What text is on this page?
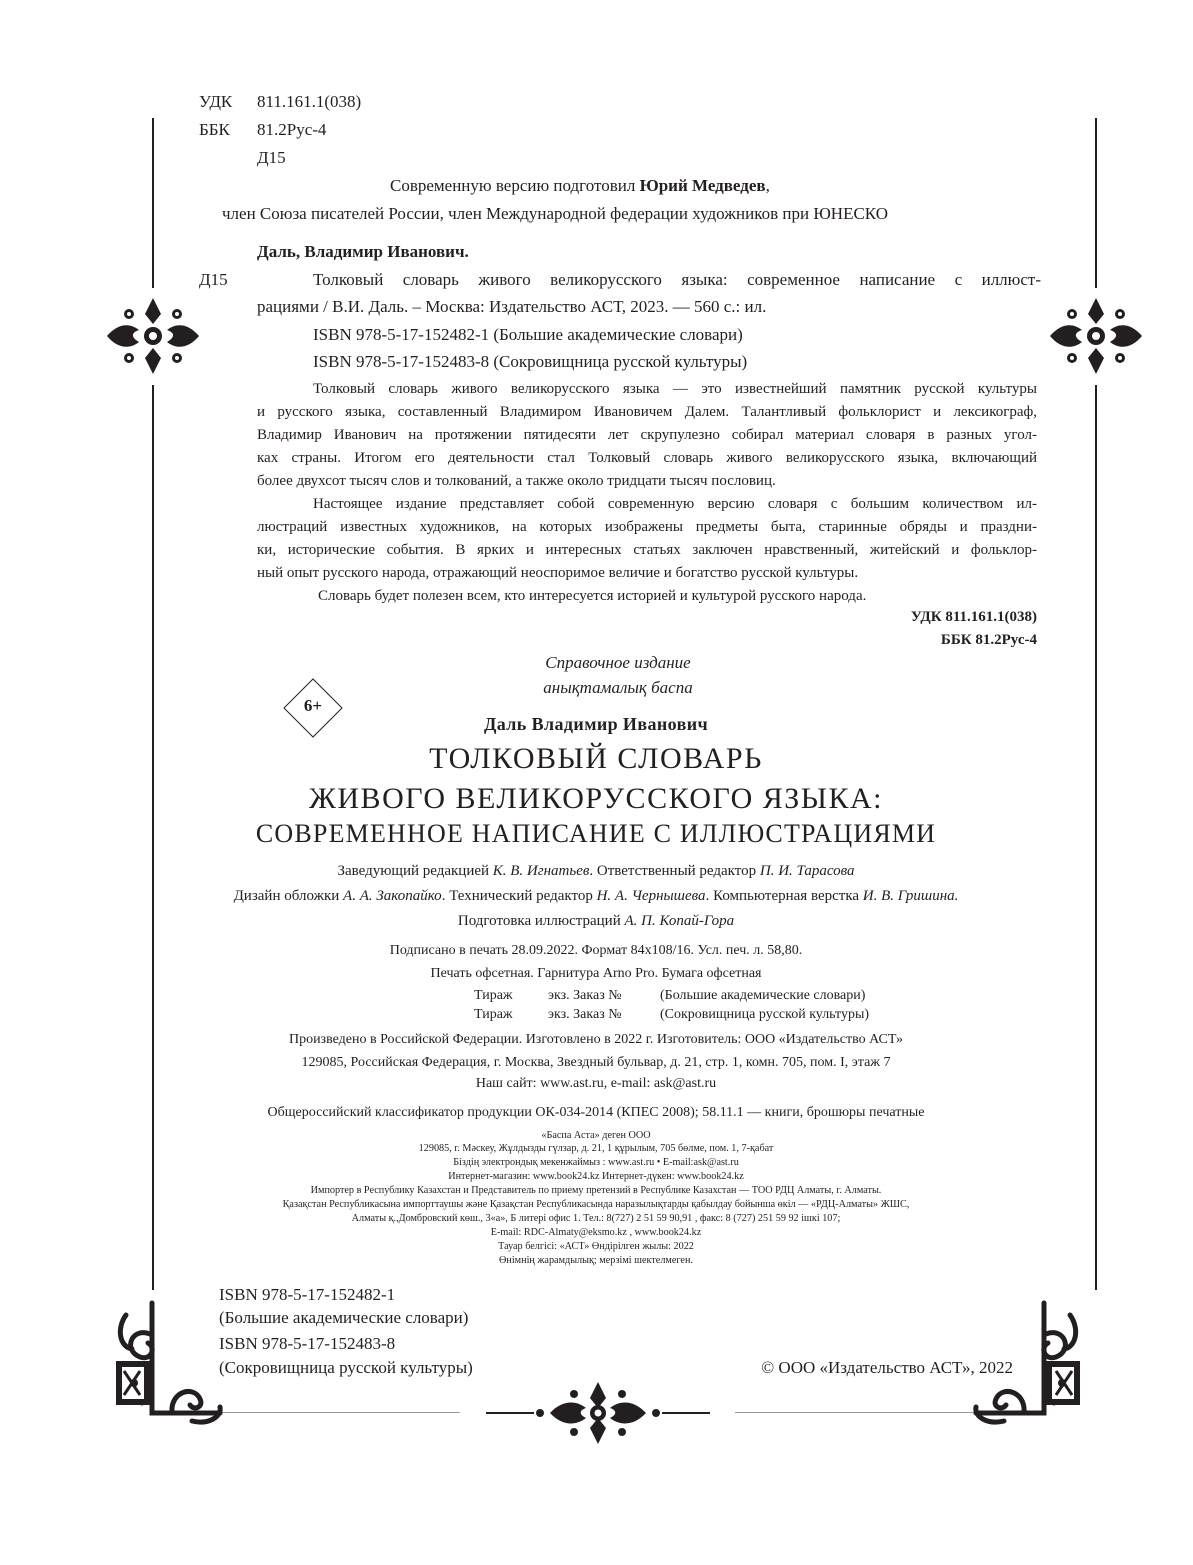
УДК 811.161.1(038)
ББК 81.2Рус-4
Д15
Современную версию подготовил Юрий Медведев,
член Союза писателей России, член Международной федерации художников при ЮНЕСКО
Даль, Владимир Иванович.
Д15	Толковый словарь живого великорусского языка: современное написание с иллюст-
рациями / В.И. Даль. – Москва: Издательство АСТ, 2023. — 560 с.: ил.
ISBN 978-5-17-152482-1 (Большие академические словари)
ISBN 978-5-17-152483-8 (Сокровищница русской культуры)
Толковый словарь живого великорусского языка — это известнейший памятник русской культуры
и русского языка, составленный Владимиром Ивановичем Далем. Талантливый фольклорист и лексикограф,
Владимир Иванович на протяжении пятидесяти лет скрупулезно собирал материал словаря в разных угол-
ках страны. Итогом его деятельности стал Толковый словарь живого великорусского языка, включающий
более двухсот тысяч слов и толкований, а также около тридцати тысяч пословиц.
Настоящее издание представляет собой современную версию словаря с большим количеством ил-
люстраций известных художников, на которых изображены предметы быта, старинные обряды и праздни-
ки, исторические события. В ярких и интересных статьях заключен нравственный, житейский и фольклор-
ный опыт русского народа, отражающий неоспоримое величие и богатство русской культуры.
Словарь будет полезен всем, кто интересуется историей и культурой русского народа.
УДК 811.161.1(038)
ББК 81.2Рус-4
Справочное издание
анықтамалық баспа
6+
Даль Владимир Иванович
ТОЛКОВЫЙ СЛОВАРЬ
ЖИВОГО ВЕЛИКОРУССКОГО ЯЗЫКА:
СОВРЕМЕННОЕ НАПИСАНИЕ С ИЛЛЮСТРАЦИЯМИ
Заведующий редакцией К. В. Игнатьев. Ответственный редактор П. И. Тарасова
Дизайн обложки А. А. Закопайко. Технический редактор Н. А. Чернышева. Компьютерная верстка И. В. Гришина.
Подготовка иллюстраций А. П. Копай-Гора
Подписано в печать 28.09.2022. Формат 84х108/16. Усл. печ. л. 58,80.
Печать офсетная. Гарнитура Arno Pro. Бумага офсетная
Тираж	экз. Заказ №	(Большие академические словари)
Тираж	экз. Заказ №	(Сокровищница русской культуры)
Произведено в Российской Федерации. Изготовлено в 2022 г. Изготовитель: ООО «Издательство АСТ»
129085, Российская Федерация, г. Москва, Звездный бульвар, д. 21, стр. 1, комн. 705, пом. I, этаж 7
Наш сайт: www.ast.ru, e-mail: ask@ast.ru
Общероссийский классификатор продукции ОК-034-2014 (КПЕС 2008); 58.11.1 — книги, брошюры печатные
«Баспа Аста» деген ООО
129085, г. Мәскеу, Жұлдызды гүлзар, д. 21, 1 құрылым, 705 бөлме, пом. 1, 7-қабат
Біздің электрондық мекенжаймыз : www.ast.ru • E-mail:ask@ast.ru
Интернет-магазин: www.book24.kz Интернет-дүкен: www.book24.kz
Импортер в Республику Казахстан и Представитель по приему претензий в Республике Казахстан — ТОО РДЦ Алматы, г. Алматы.
Қазақстан Республикасына импорттаушы және Қазақстан Республикасында наразылықтарды қабылдау бойынша өкіл — «РДЦ-Алматы» ЖШС,
Алматы қ.,Домбровский көш., 3«а», Б литері офис 1. Тел.: 8(727) 2 51 59 90,91 , факс: 8 (727) 251 59 92 ішкі 107;
E-mail: RDC-Almaty@eksmo.kz , www.book24.kz
Тауар белгісі: «АСТ» Өндірілген жылы: 2022
Өнімнің жарамдылық; мерзімі шектелмеген.
ISBN 978-5-17-152482-1
(Большие академические словари)
ISBN 978-5-17-152483-8
(Сокровищница русской культуры)	© ООО «Издательство АСТ», 2022
